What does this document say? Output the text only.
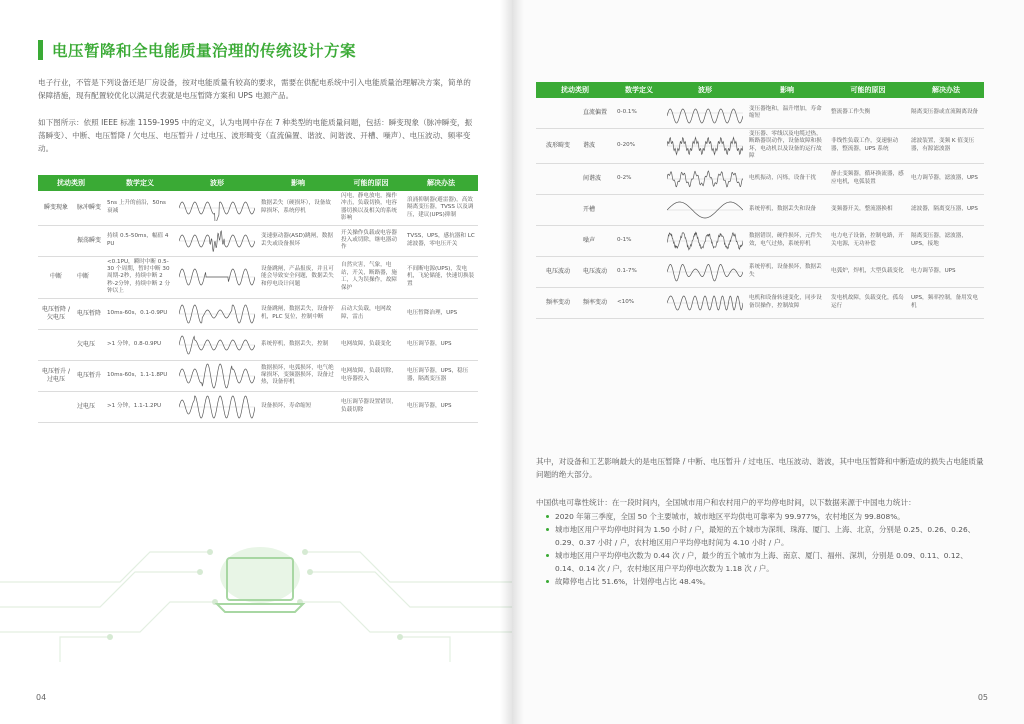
电压暂降和全电能质量治理的传统设计方案

电子行业，不管是下列设备还是厂房设备，按对电能质量有较高的要求，需要在供配电系统中引入电能质量治理解决方案，简单的保障措施，现有配置较优化以满足代表就是电压暂降方案和 UPS 电源产品。

如下图所示：依照 IEEE 标准 1159-1995 中的定义，认为电网中存在 7 种类型的电能质量问题，包括：瞬变现象（脉冲瞬变，振荡瞬变）、中断、电压暂降 / 欠电压、电压暂升 / 过电压、波形畸变（直流偏置、谐波、间谐波、开槽、噪声）、电压波动、频率变动。

扰动类别		数学定义	波形	影响	可能的原因	解决办法
瞬变现象	脉冲瞬变	5ns 上升的前沿，50ns 衰减		数据丢失（硬损坏），设备故障损坏，系统停机	闪电，静电放电，操作冲击，负载切换，电容器切换以及相关的系统影响	浪涌抑制器(避雷器)，高效隔离变压器，TVSS 以及调压，建议(UPS)抑制
	振荡瞬变	持续 0.5-50ms，幅值 4 PU		变速驱动器(ASD)跳闸，数据丢失或设备损坏	开关操作负载或电容器投入或切除，继电器动作	TVSS，UPS，感抗器和 LC 滤波器，零电压开关
中断	中断	<0.1PU，瞬时中断 0.5-30 个周期，暂时中断 30 周期-2秒，持续中断 2 秒-2分钟，持续中断 2 分钟以上		设备跳闸，产品报废，并且可能会导致安全问题，数据丢失和停电设计问题	自然灾害，气象，电站，开关，断路器，施工，人为误操作，故障保护	不间断电源(UPS)，发电机，飞轮储能，快速切换装置
电压暂降 / 欠电压	电压暂降	10ms-60s，0.1-0.9PU		设备跳闸，数据丢失，设备停机，PLC 复位，控制中断	启动大负载，电网故障，雷击	电压暂降治理，UPS
	欠电压	>1 分钟，0.8-0.9PU		系统停机，数据丢失，控制	电网故障，负载变化	电压调节器，UPS
电压暂升 / 过电压	电压暂升	10ms-60s，1.1-1.8PU		数据损坏，电弧损坏，电气绝缘损坏，变频器损坏，设备过热，设备停机	电网故障，负载切除，电容器投入	电压调节器，UPS，稳压器，隔离变压器
	过电压	>1 分钟，1.1-1.2PU		设备损坏，寿命缩短	电压调节器设置错误，负载切除	电压调节器，UPS

04	05

扰动类别		数学定义	波形	影响	可能的原因	解决办法
	直流偏置	0-0.1%		变压器饱和，温升增加，寿命缩短	整流器工作失衡	隔离变压器或直流隔离设备
波形畸变	谐波	0-20%		变压器、零线以及电缆过热，断路器误动作，设备故障和损坏，电动机以及设备的运行故障	非线性负载工作，变速驱动器，整流器，UPS 系统	滤波装置，变频 K 值变压器，有源滤波器
	间谐波	0-2%		电机振动，闪烁，设备干扰	静止变频器，循环换流器，感应电机，电弧装置	电力调节器，滤波器，UPS
	开槽			系统停机，数据丢失和设备	变频器开关，整流器换相	滤波器，隔离变压器，UPS
	噪声	0-1%		数据错误，硬件损坏，元件失效，电气过热，系统停机	电力电子设备，控制电路，开关电源，无功补偿	隔离变压器，滤波器，UPS，接地
电压波动	电压波动	0.1-7%		系统停机，设备损坏，数据丢失	电弧炉，焊机，大型负载变化	电力调节器，UPS
频率变动	频率变动	<10%		电机和设备转速变化，同步设备误操作，控制故障	发电机故障，负载变化，孤岛运行	UPS，频率控制，备用发电机

其中，对设备和工艺影响最大的是电压暂降 / 中断、电压暂升 / 过电压、电压波动、谐波，其中电压暂降和中断造成的损失占电能质量问题的绝大部分。

中国供电可靠性统计：在一段时间内，全国城市用户和农村用户的平均停电时间，以下数据来源于中国电力统计：

2020 年第三季度，全国 50 个主要城市，城市地区平均供电可靠率为 99.977%，农村地区为 99.808%。
城市地区用户平均停电时间为 1.50 小时 / 户，最短的五个城市为深圳、珠海、厦门、上海、北京，分别是 0.25、0.26、0.26、0.29、0.37 小时 / 户，农村地区用户平均停电时间为 4.10 小时 / 户。
城市地区用户平均停电次数为 0.44 次 / 户，最少的五个城市为上海、南京、厦门、福州、深圳，分别是 0.09、0.11、0.12、0.14、0.14 次 / 户，农村地区用户平均停电次数为 1.18 次 / 户。
故障停电占比 51.6%，计划停电占比 48.4%。
